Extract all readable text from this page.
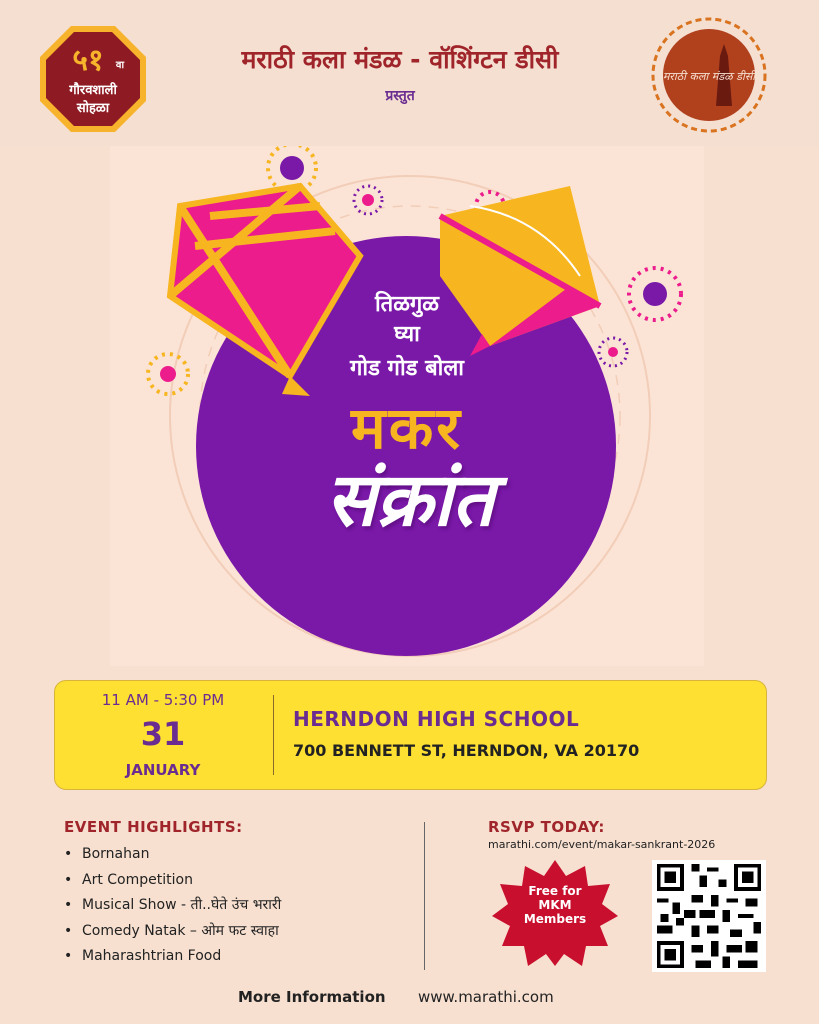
५१ वा
गौरवशाली
सोहळा
मराठी कला मंडळ - वॉशिंग्टन डीसी
प्रस्तुत
मराठी कला मंडळ डीसी
तिळगुळ
घ्या
गोड गोड बोला
मकर
संक्रांत
11 AM - 5:30 PM
31
JANUARY
HERNDON HIGH SCHOOL
700 BENNETT ST, HERNDON, VA 20170
EVENT HIGHLIGHTS:
• Bornahan
• Art Competition
• Musical Show - ती..घेते उंच भरारी
• Comedy Natak – ओम फट स्वाहा
• Maharashtrian Food
RSVP TODAY:
marathi.com/event/makar-sankrant-2026
Free for
MKM
Members
More Information www.marathi.com
